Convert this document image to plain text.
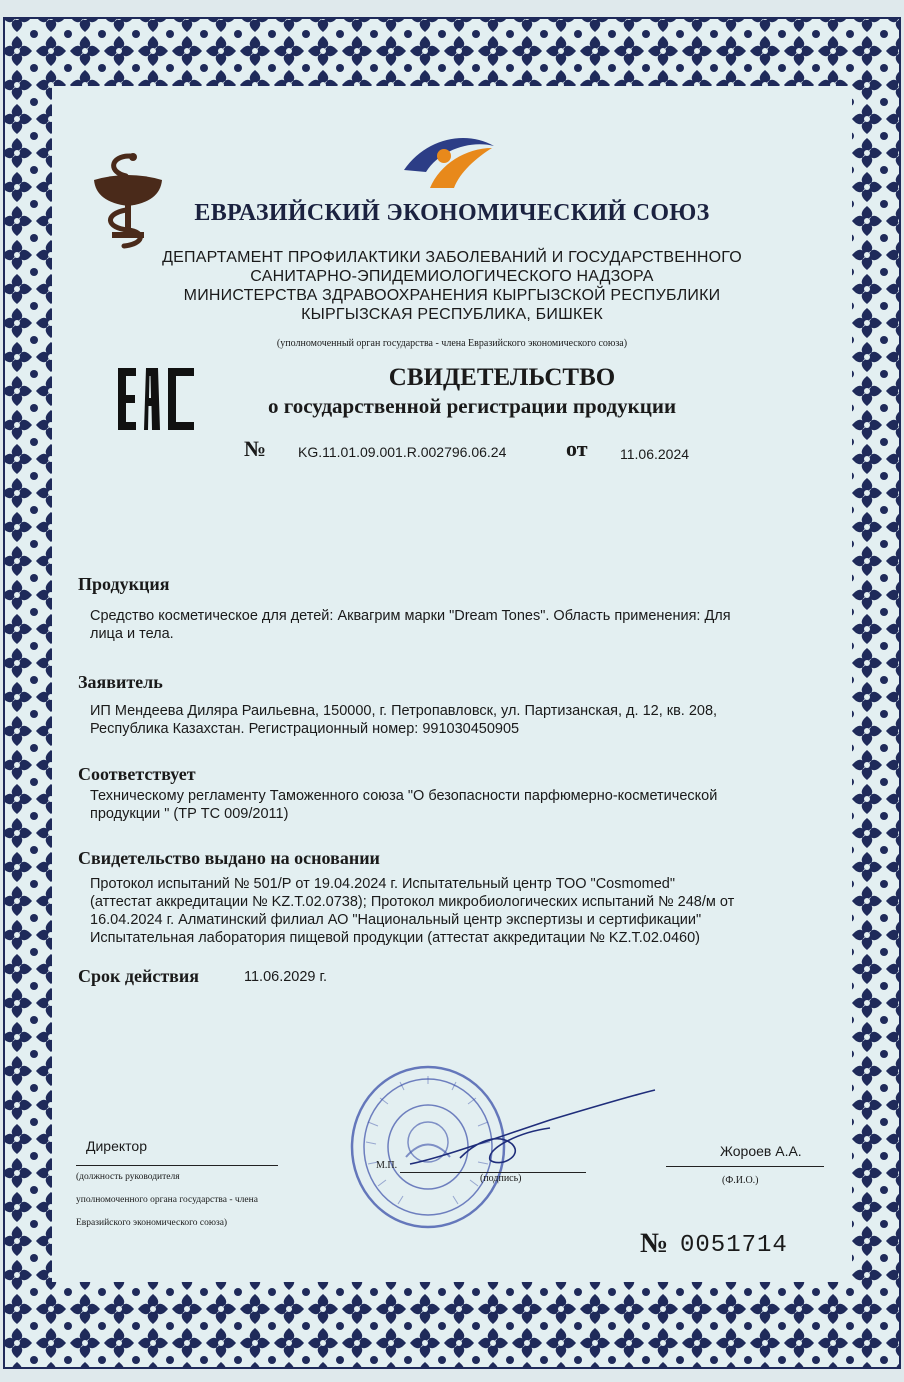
ЕВРАЗИЙСКИЙ ЭКОНОМИЧЕСКИЙ СОЮЗ
ДЕПАРТАМЕНТ ПРОФИЛАКТИКИ ЗАБОЛЕВАНИЙ И ГОСУДАРСТВЕННОГО
САНИТАРНО-ЭПИДЕМИОЛОГИЧЕСКОГО НАДЗОРА
МИНИСТЕРСТВА ЗДРАВООХРАНЕНИЯ КЫРГЫЗСКОЙ РЕСПУБЛИКИ
КЫРГЫЗСКАЯ РЕСПУБЛИКА, БИШКЕК
(уполномоченный орган государства - члена Евразийского экономического союза)
СВИДЕТЕЛЬСТВО
о государственной регистрации продукции
№ KG.11.01.09.001.R.002796.06.24	от 11.06.2024
Продукция
Средство косметическое для детей: Аквагрим марки "Dream Tones". Область применения: Для
лица и тела.
Заявитель
ИП Мендеева Диляра Раильевна, 150000, г. Петропавловск, ул. Партизанская, д. 12, кв. 208,
Республика Казахстан. Регистрационный номер: 991030450905
Соответствует
Техническому регламенту Таможенного союза "О безопасности парфюмерно-косметической
продукции " (ТР ТС 009/2011)
Свидетельство выдано на основании
Протокол испытаний № 501/Р от 19.04.2024 г. Испытательный центр ТОО "Cosmomed"
(аттестат аккредитации № KZ.T.02.0738); Протокол микробиологических испытаний № 248/м от
16.04.2024 г. Алматинский филиал АО "Национальный центр экспертизы и сертификации"
Испытательная лаборатория пищевой продукции (аттестат аккредитации № KZ.T.02.0460)
Срок действия	11.06.2029 г.
Директор
(должность руководителя
уполномоченного органа государства - члена
Евразийского экономического союза)
М.П.
(подпись)
Жороев А.А.
(Ф.И.О.)
№ 0051714
